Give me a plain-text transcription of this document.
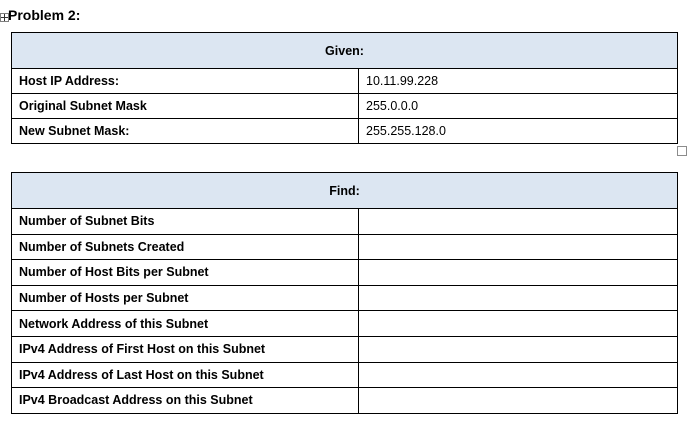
Problem 2:
Given:	
Host IP Address:	10.11.99.228
Original Subnet Mask	255.0.0.0
New Subnet Mask:	255.255.128.0
Find:	
Number of Subnet Bits	
Number of Subnets Created	
Number of Host Bits per Subnet	
Number of Hosts per Subnet	
Network Address of this Subnet	
IPv4 Address of First Host on this Subnet	
IPv4 Address of Last Host on this Subnet	
IPv4 Broadcast Address on this Subnet	
